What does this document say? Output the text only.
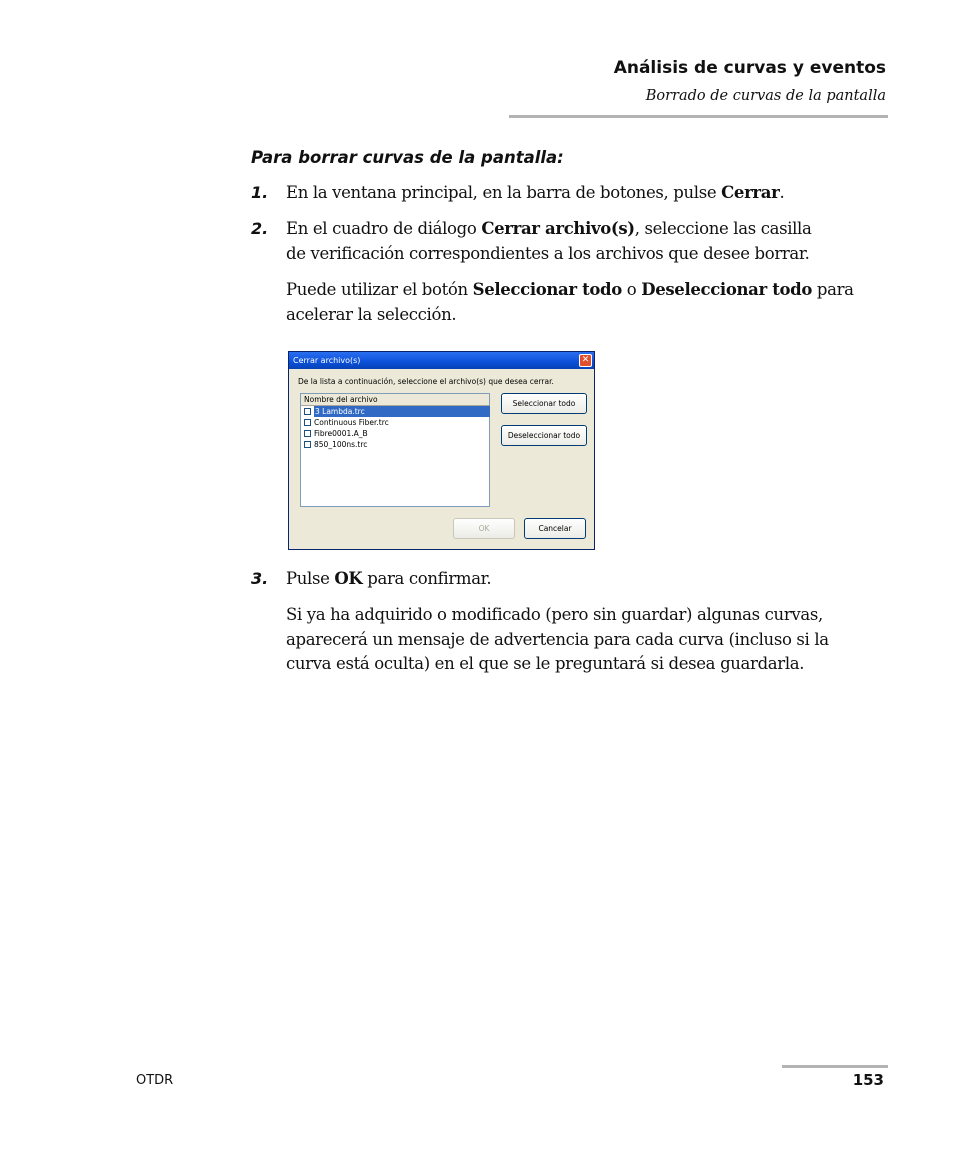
Análisis de curvas y eventos
Borrado de curvas de la pantalla
Para borrar curvas de la pantalla:
1. En la ventana principal, en la barra de botones, pulse Cerrar.
2. En el cuadro de diálogo Cerrar archivo(s), seleccione las casilla
de verificación correspondientes a los archivos que desee borrar.
Puede utilizar el botón Seleccionar todo o Deseleccionar todo para
acelerar la selección.
Cerrar archivo(s)	✕
De la lista a continuación, seleccione el archivo(s) que desea cerrar.
Nombre del archivo
3 Lambda.trc
Continuous Fiber.trc
Fibre0001.A_B
850_100ns.trc
Seleccionar todo
Deseleccionar todo
OK	Cancelar
3. Pulse OK para confirmar.
Si ya ha adquirido o modificado (pero sin guardar) algunas curvas,
aparecerá un mensaje de advertencia para cada curva (incluso si la
curva está oculta) en el que se le preguntará si desea guardarla.
OTDR	153
